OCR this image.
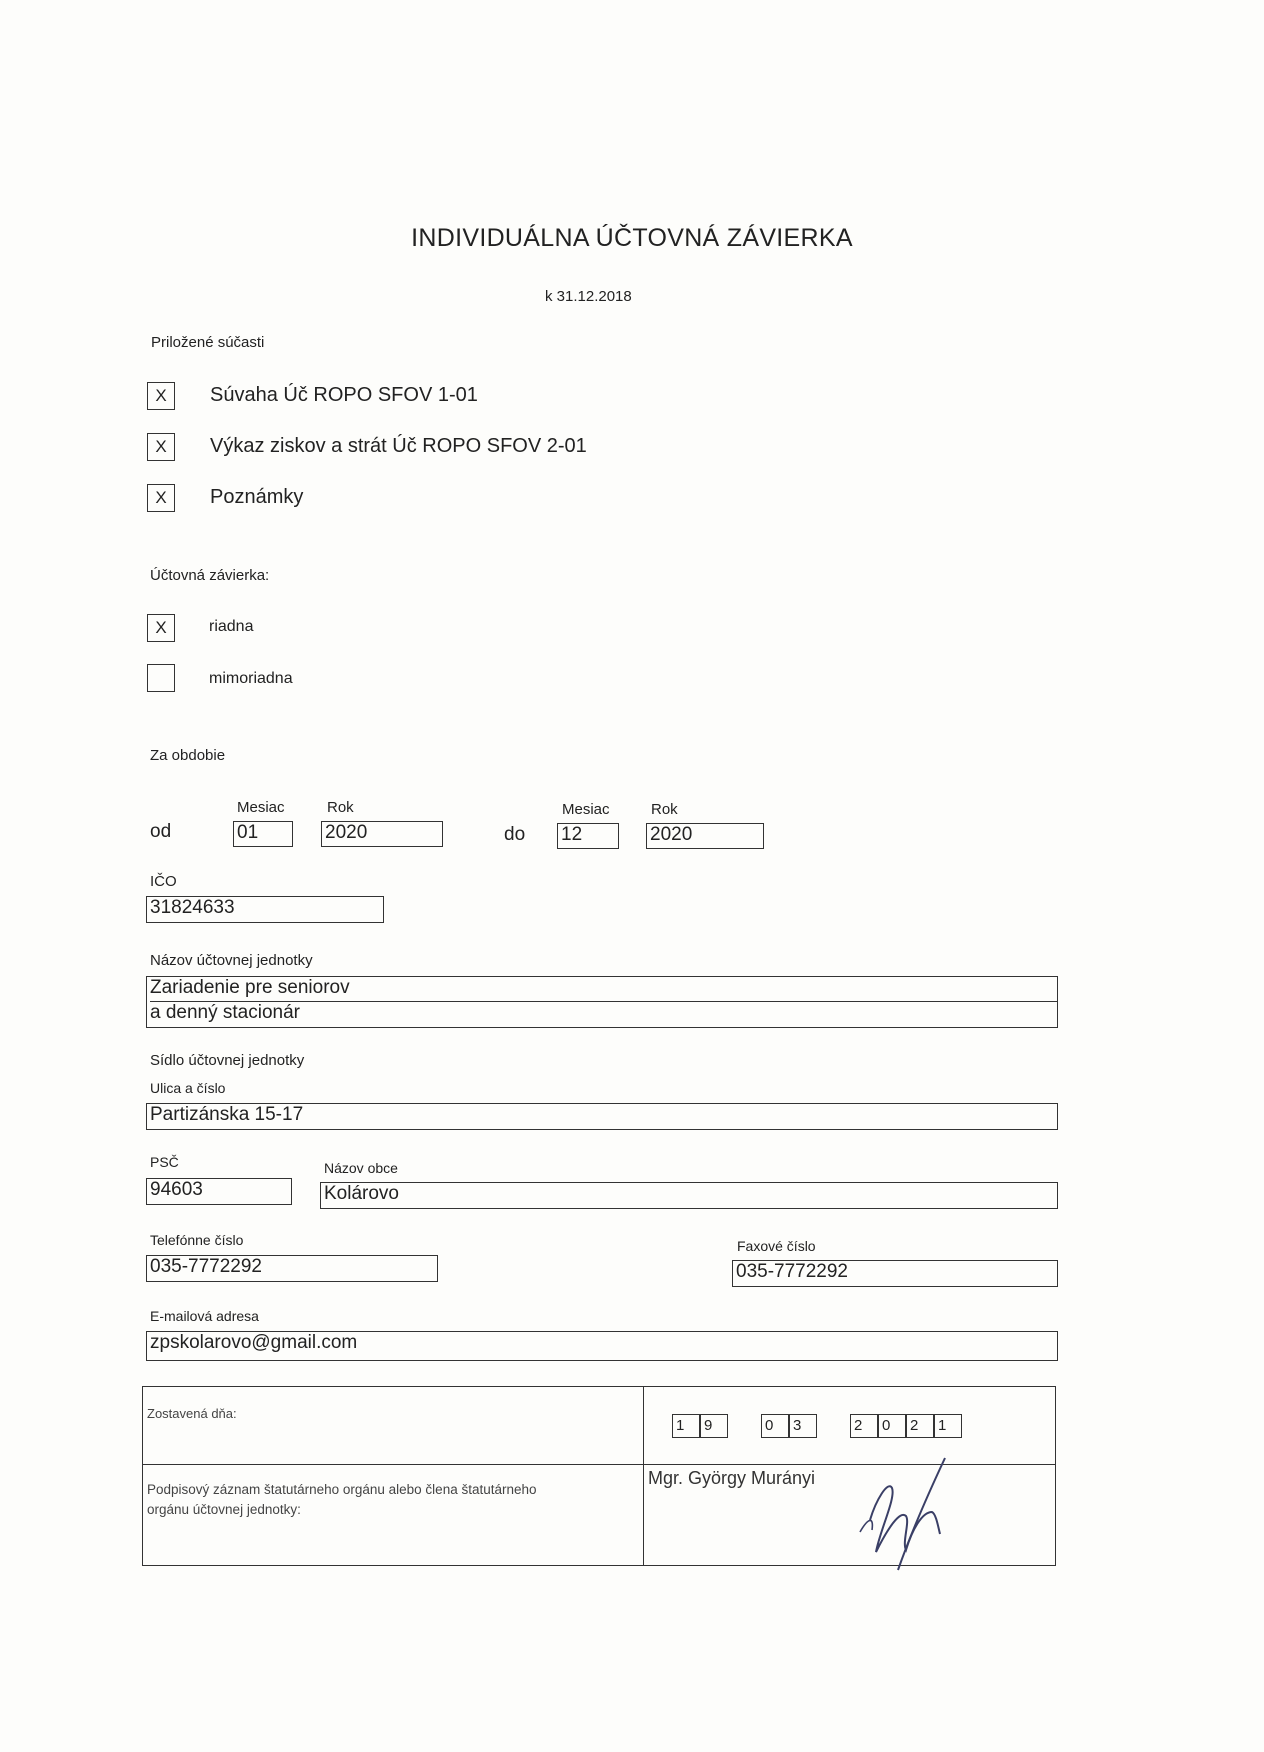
INDIVIDUÁLNA ÚČTOVNÁ ZÁVIERKA
k 31.12.2018
Priložené súčasti
X	Súvaha Úč ROPO SFOV 1-01
X	Výkaz ziskov a strát Úč ROPO SFOV 2-01
X	Poznámky
Účtovná závierka:
X	riadna
mimoriadna
Za obdobie
Mesiac	Rok	Mesiac	Rok
od	01	2020	do 12	2020
IČO
31824633
Názov účtovnej jednotky
Zariadenie pre seniorov
a denný stacionár
Sídlo účtovnej jednotky
Ulica a číslo
Partizánska 15-17
PSČ
94603
Názov obce
Kolárovo
Telefónne číslo
035-7772292
Faxové číslo
035-7772292
E-mailová adresa
zpskolarovo@gmail.com
Zostavená dňa:
1	9	0	3	2	0	2	1
Podpisový záznam štatutárneho orgánu alebo člena štatutárneho
orgánu účtovnej jednotky:
Mgr. György Murányi
